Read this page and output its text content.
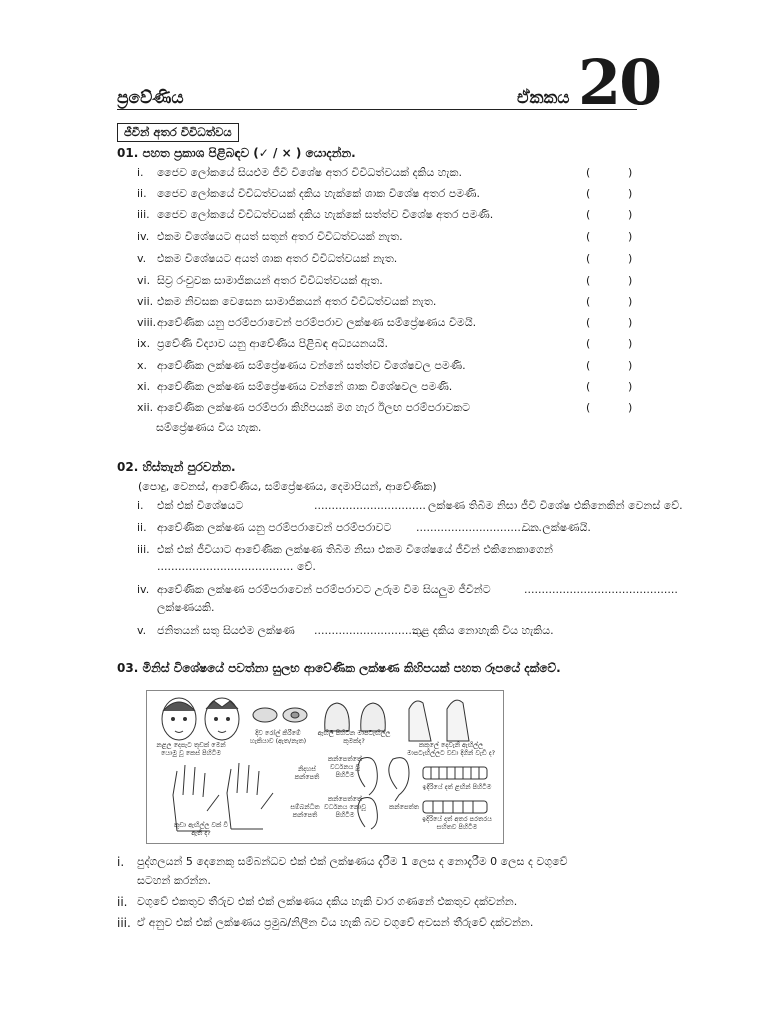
ප්‍රවේණිය	ඒකකය 20
ජීවීන් අතර විවිධත්වය
01. පහත ප්‍රකාශ පිළිබඳව (✓ / × ) යොදන්න.
i. ජෛව ලෝකයේ සියළුම ජීවී විශේෂ අතර විවිධත්වයක් දකිය හැක.	(	)
ii. ජෛව ලෝකයේ විවිධත්වයක් දකිය හැක්කේ ශාක විශේෂ අතර පමණි.	(	)
iii. ජෛව ලෝකයේ විවිධත්වයක් දකිය හැක්කේ සත්ත්ව විශේෂ අතර පමණි.	(	)
iv. එකම විශේෂයට අයත් සතුන් අතර විවිධත්වයක් නැත.	(	)
v. එකම විශේෂයට අයත් ශාක අතර විවිධත්වයක් නැත.	(	)
vi. සිව්‍ර රංචුවක සාමාජිකයන් අතර විවිධත්වයක් ඇත.	(	)
vii. එකම නිවසක වෙසෙන සාමාජිකයන් අතර විවිධත්වයක් නැත.	(	)
viii. ආවේණික යනු පරම්පරාවෙන් පරම්පරාව ලක්ෂණ සම්ප්‍රේෂණය වීමයි.	(	)
ix. ප්‍රවේණි විද්‍යාව යනු ආවේණිය පිළිබඳ අධ්‍යයනයයි.	(	)
x. ආවේණික ලක්ෂණ සම්ප්‍රේෂණය වන්නේ සත්ත්ව විශේෂවල පමණි.	(	)
xi. ආවේණික ලක්ෂණ සම්ප්‍රේෂණය වන්නේ ශාක විශේෂවල පමණි.	(	)
xii. ආවේණික ලක්ෂණ පරම්පරා කිහිපයක් මග හැර ඊලඟ පරම්පරාවකට	(	)
සම්ප්‍රේෂණය විය හැක.
02. හිස්තැන් පුරවන්න.
(පොදු, වෙනස්, ආවේණිය, සම්ප්‍රේෂණය, දෙමාපියන්, ආවේණික)
i. එක් එක් විශේෂයට	................................ ලක්ෂණ තිබීම නිසා ජීවී විශේෂ එකිනෙකින් වෙනස් වේ.
ii. ආවේණික ලක්ෂණ යනු පරම්පරාවෙන් පරම්පරාවට ....................................
වන ලක්ෂණයි.
iii. එක් එක් ජීවියාට ආවේණික ලක්ෂණ තිබීම නිසා එකම විශේෂයේ ජීවීන් එකිනෙකාගෙන්
....................................... වේ.
iv. ආවේණික ලක්ෂණ පරම්පරාවෙන් පරම්පරාවට උරුම වීම සියලුම ජීවීන්ට	............................................
ලක්ෂණයකි.
v. ජනිතයන් සතු සියළුම ලක්ෂණ .................................
තුළ දකිය නොහැකි විය හැකිය.
03. මිනිස් විශේෂයේ පවත්නා සුලභ ආවේණික ලක්ෂණ කිහිපයක් පහත රූපයේ දක්වේ.
නළල දෙපැට තුඩක් මෙන් යොමු වූ කෙස් පිහිටීම
දිව රෝල් කිරීමේ හැකියාව (ඇත/නැත)
ඇඟිලි පිහිටන මාපටැඟිල්ල කුමක්ද?	කකුලේ දෙවැනි ඇඟිල්ල මාපටැඟිල්ලට වඩා දිගින් වැඩි ද?
නිදහස් කන්පෙති
කන්පෙත්තේ වර්ධනය වූ පිහිටීම
කන්පෙත්තේ වර්ධනය නොවූ පිහිටීම
සම්බන්ධිත කන්පෙති
කන්පෙත්ත
ඉදිරියේ දත් ළඟින් පිහිටීම
ඉදිරියේ දත් අතර පරතරය සහිතව පිහිටීම
කුඩා ඇඟිල්ල වක් වී ඇති ද?
i. පුද්ගලයන් 5 දෙනෙකු සම්බන්ධව එක් එක් ලක්ෂණය දැරීම 1 ලෙස ද නොදැරීම 0 ලෙස ද වගුවේ
ii. වගුවේ එකතුව තීරුව එක් එක් ලක්ෂණය දකිය හැකි වාර ගණනේ එකතුව දක්වන්න.
iii. ඒ අනුව එක් එක් ලක්ෂණය ප්‍රමුඛ/නිලීන විය හැකි බව වගුවේ අවසන් තීරුවේ දක්වන්න.
සටහන් කරන්න.
